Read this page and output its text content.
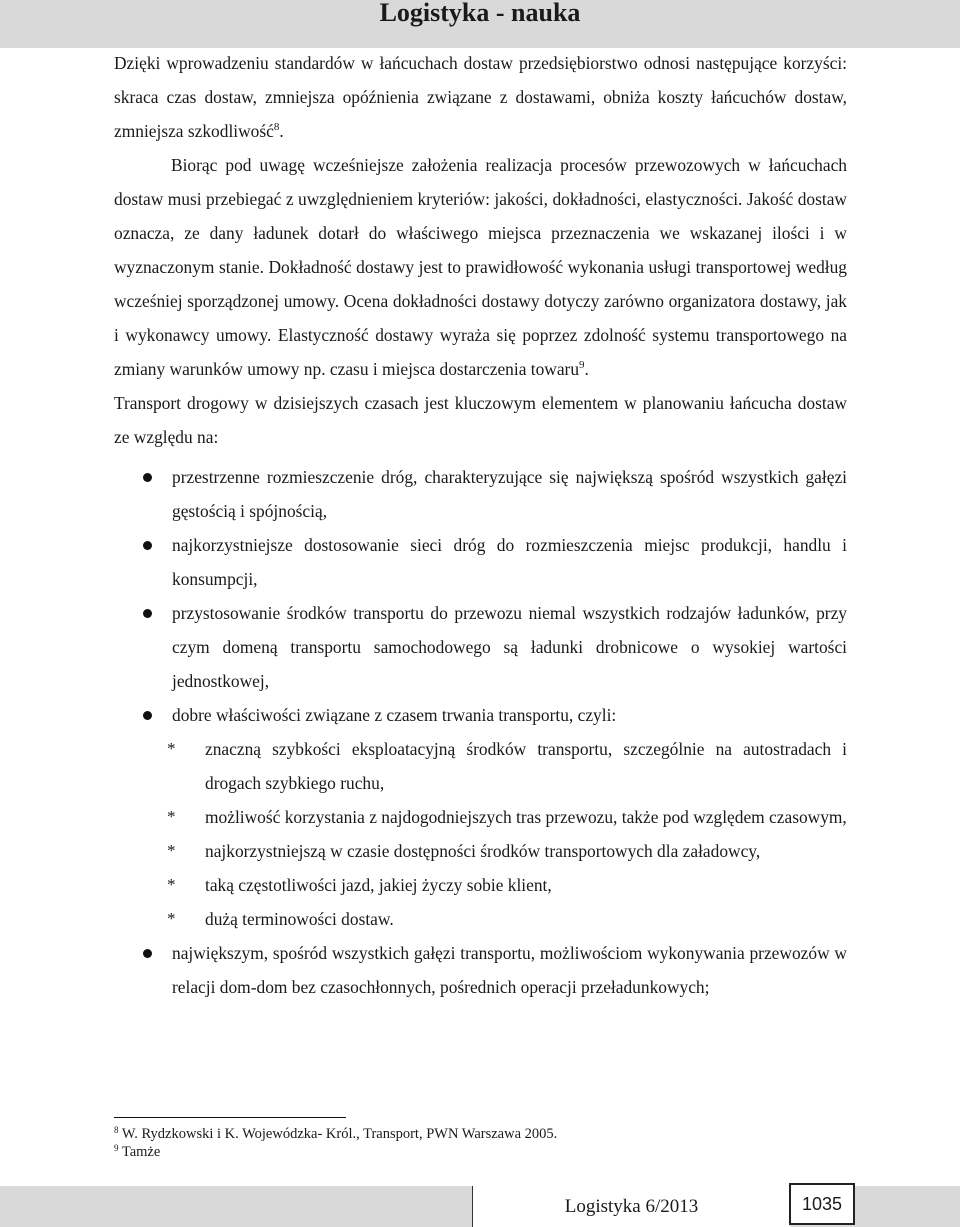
Logistyka - nauka

Dzięki wprowadzeniu standardów w łańcuchach dostaw przedsiębiorstwo odnosi następujące korzyści: skraca czas dostaw, zmniejsza opóźnienia związane z dostawami, obniża koszty łańcuchów dostaw, zmniejsza szkodliwość$^8$.

Biorąc pod uwagę wcześniejsze założenia realizacja procesów przewozowych w łańcuchach dostaw musi przebiegać z uwzględnieniem kryteriów: jakości, dokładności, elastyczności. Jakość dostaw oznacza, ze dany ładunek dotarł do właściwego miejsca przeznaczenia we wskazanej ilości i w wyznaczonym stanie. Dokładność dostawy jest to prawidłowość wykonania usługi transportowej według wcześniej sporządzonej umowy. Ocena dokładności dostawy dotyczy zarówno organizatora dostawy, jak i wykonawcy umowy. Elastyczność dostawy wyraża się poprzez zdolność systemu transportowego na zmiany warunków umowy np. czasu i miejsca dostarczenia towaru$^9$.

Transport drogowy w dzisiejszych czasach jest kluczowym elementem w planowaniu łańcucha dostaw ze względu na:

przestrzenne rozmieszczenie dróg, charakteryzujące się największą spośród wszystkich gałęzi gęstością i spójnością,
najkorzystniejsze dostosowanie sieci dróg do rozmieszczenia miejsc produkcji, handlu i konsumpcji,
przystosowanie środków transportu do przewozu niemal wszystkich rodzajów ładunków, przy czym domeną transportu samochodowego są ładunki drobnicowe o wysokiej wartości jednostkowej,
dobre właściwości związane z czasem trwania transportu, czyli:
* znaczną szybkości eksploatacyjną środków transportu, szczególnie na autostradach i drogach szybkiego ruchu,
* możliwość korzystania z najdogodniejszych tras przewozu, także pod względem czasowym,
* najkorzystniejszą w czasie dostępności środków transportowych dla załadowcy,
* taką częstotliwości jazd, jakiej życzy sobie klient,
* dużą terminowości dostaw.
największym, spośród wszystkich gałęzi transportu, możliwościom wykonywania przewozów w relacji dom-dom bez czasochłonnych, pośrednich operacji przeładunkowych;
$^8$ W. Rydzkowski i K. Wojewódzka- Król., Transport, PWN Warszawa 2005.
$^9$ Tamże
Logistyka 6/2013	1035
